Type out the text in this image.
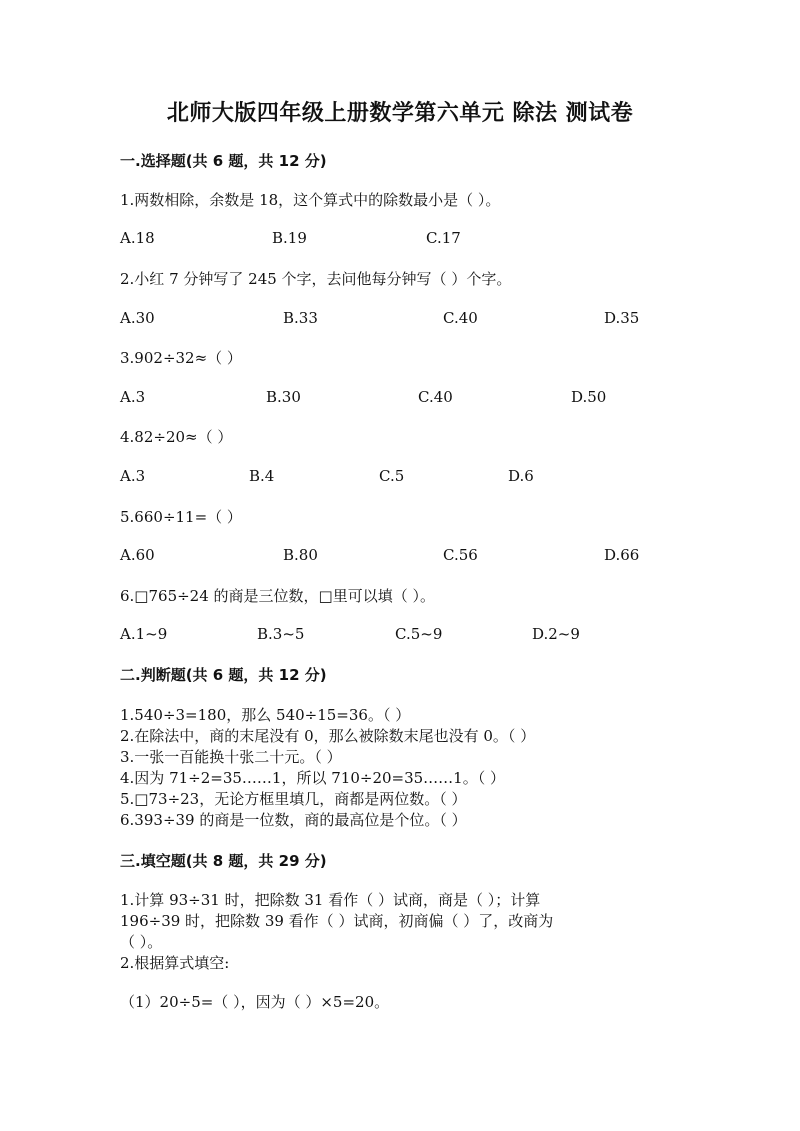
北师大版四年级上册数学第六单元 除法 测试卷
一.选择题(共 6 题，共 12 分)
1.两数相除，余数是 18，这个算式中的除数最小是（ ）。
A.18	B.19	C.17
2.小红 7 分钟写了 245 个字，去问他每分钟写（ ）个字。
A.30	B.33	C.40	D.35
3.902÷32≈（ ）
A.3	B.30	C.40	D.50
4.82÷20≈（ ）
A.3	B.4	C.5	D.6
5.660÷11=（ ）
A.60	B.80	C.56	D.66
6.□765÷24 的商是三位数，□里可以填（ ）。
A.1~9	B.3~5	C.5~9	D.2~9
二.判断题(共 6 题，共 12 分)
1.540÷3=180，那么 540÷15=36。（ ）
2.在除法中，商的末尾没有 0，那么被除数末尾也没有 0。（ ）
3.一张一百能换十张二十元。（ ）
4.因为 71÷2=35……1，所以 710÷20=35……1。（ ）
5.□73÷23，无论方框里填几，商都是两位数。（ ）
6.393÷39 的商是一位数，商的最高位是个位。（ ）
三.填空题(共 8 题，共 29 分)
1.计算 93÷31 时，把除数 31 看作（ ）试商，商是（ ）；计算
196÷39 时，把除数 39 看作（ ）试商，初商偏（ ）了，改商为
（ ）。
2.根据算式填空:
（1）20÷5=（ ），因为（ ）×5=20。
